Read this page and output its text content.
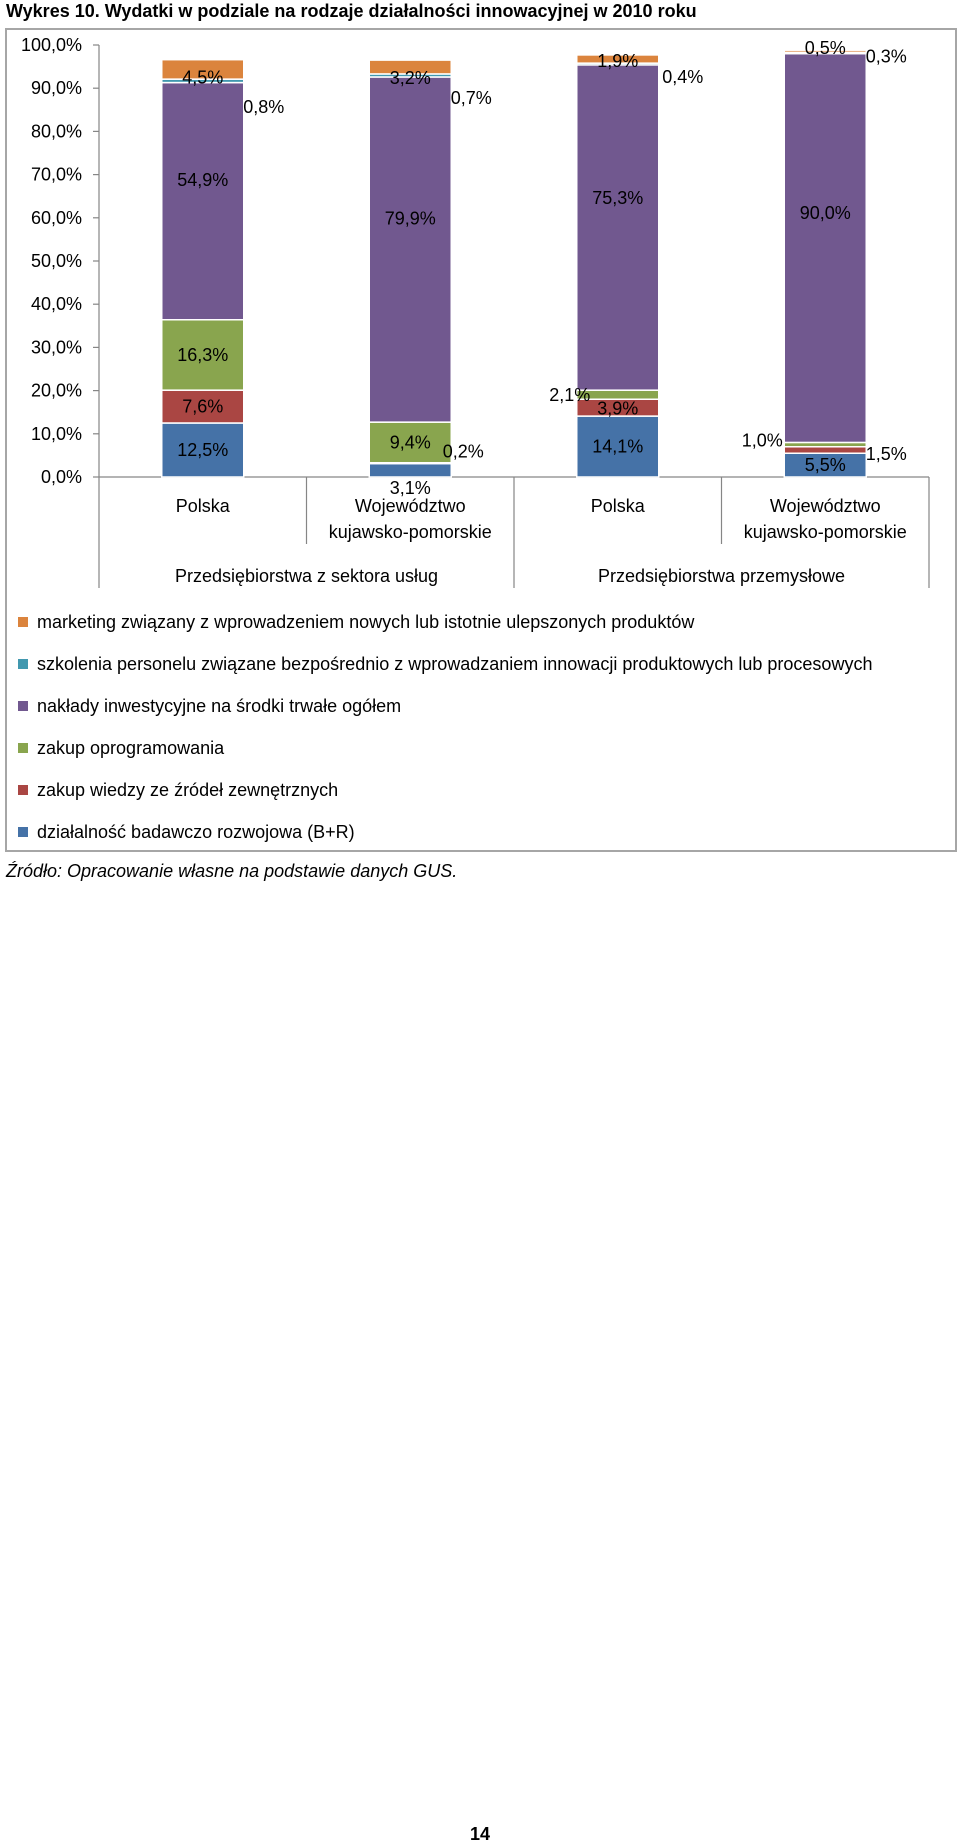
Wykres 10. Wydatki w podziale na rodzaje działalności innowacyjnej w 2010 roku
0,0%
10,0%
20,0%
30,0%
40,0%
50,0%
60,0%
70,0%
80,0%
90,0%
100,0%
Polska	Województwo
kujawsko-pomorskie
Polska	Województwo
kujawsko-pomorskie
Przedsiębiorstwa z sektora usług	Przedsiębiorstwa przemysłowe
12,5%
3,1%
14,1%
5,5%
7,6%
0,2%
3,9%
1,5%
16,3%
9,4%
2,1%
1,0%
54,9%
79,9%
75,3%
90,0%
0,8%	0,7%
0,4%
0,3%
4,5%	3,2%
1,9%
0,5%
marketing związany z wprowadzeniem nowych lub istotnie ulepszonych produktów
szkolenia personelu związane bezpośrednio z wprowadzaniem innowacji produktowych lub procesowych
nakłady inwestycyjne na środki trwałe ogółem
zakup oprogramowania
zakup wiedzy ze źródeł zewnętrznych
działalność badawczo rozwojowa (B+R)
Źródło: Opracowanie własne na podstawie danych GUS.
14
